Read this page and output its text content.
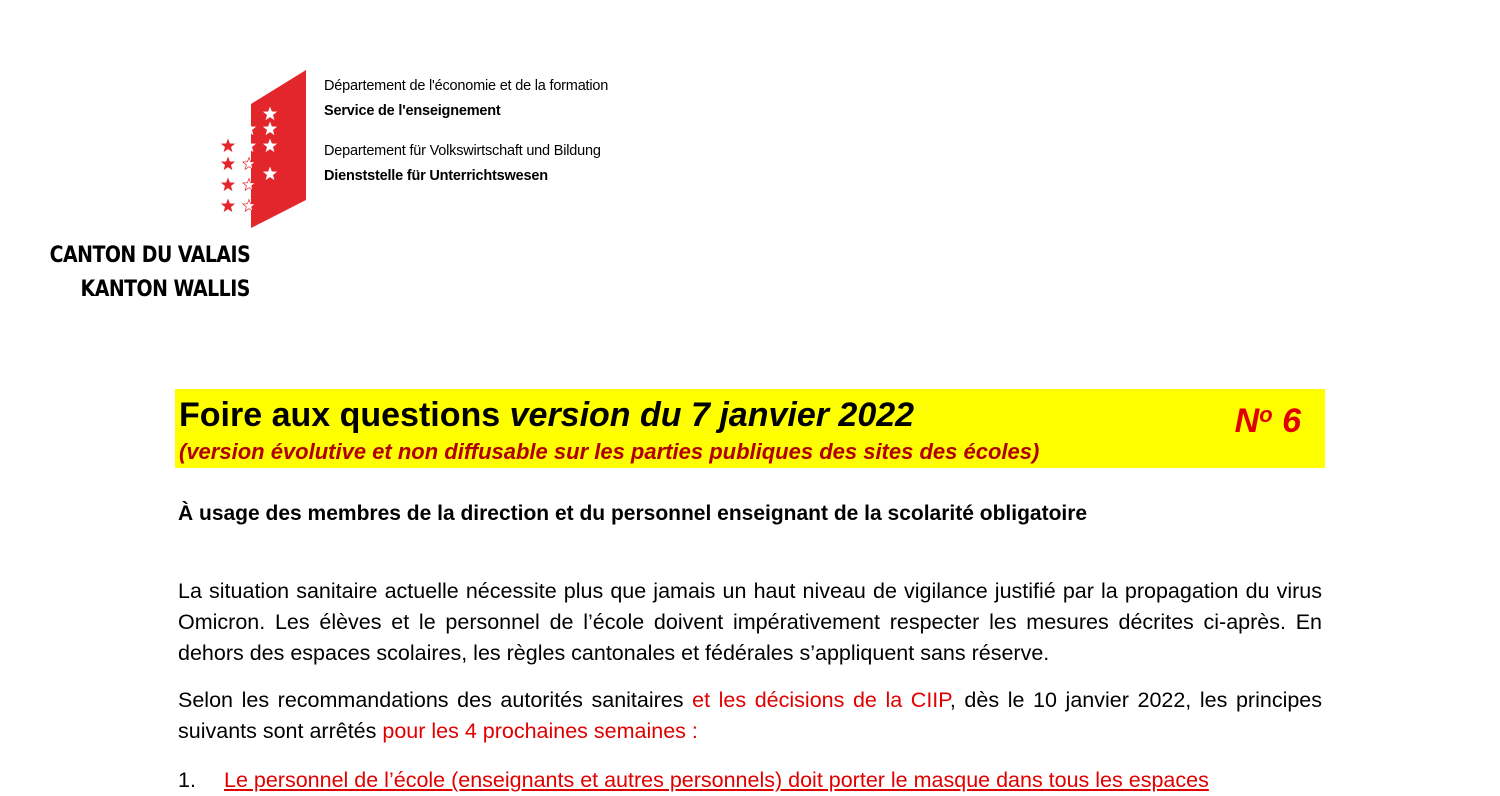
Département de l'économie et de la formation
Service de l'enseignement
Departement für Volkswirtschaft und Bildung
Dienststelle für Unterrichtswesen
CANTON DU VALAIS
KANTON WALLIS
Foire aux questions version du 7 janvier 2022	$N^o$ 6
(version évolutive et non diffusable sur les parties publiques des sites des écoles)
À usage des membres de la direction et du personnel enseignant de la scolarité obligatoire
La situation sanitaire actuelle nécessite plus que jamais un haut niveau de vigilance justifié par la propagation du virus Omicron. Les élèves et le personnel de l’école doivent impérativement respecter les mesures décrites ci-après. En dehors des espaces scolaires, les règles cantonales et fédérales s’appliquent sans réserve.
Selon les recommandations des autorités sanitaires et les décisions de la CIIP, dès le 10 janvier 2022, les principes suivants sont arrêtés pour les 4 prochaines semaines :
1. Le personnel de l’école (enseignants et autres personnels) doit porter le masque dans tous les espaces
